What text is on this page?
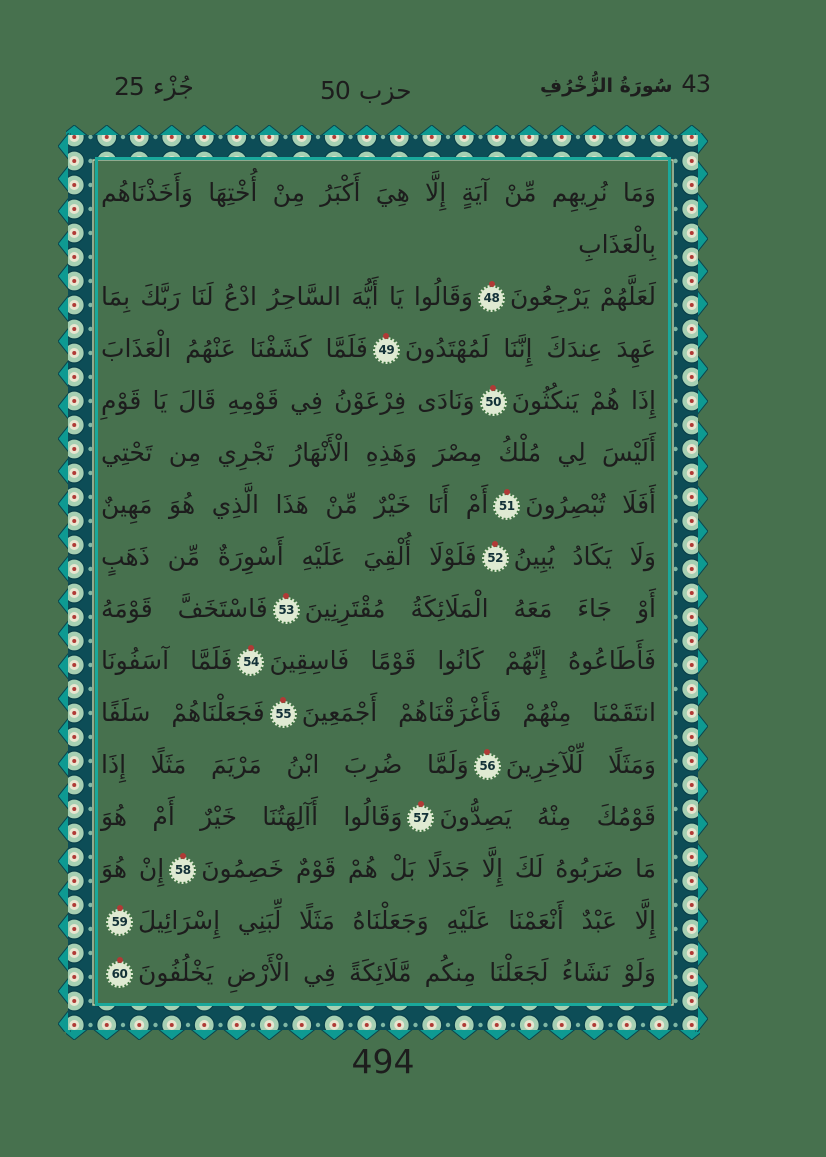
25 جُزْء	50 حزب	سُورَةُ الزُّخْرُفِ 43
وَمَا نُرِيهِم مِّنْ آيَةٍ إِلَّا هِيَ أَكْبَرُ مِنْ أُخْتِهَا وَأَخَذْنَاهُم بِالْعَذَابِ
لَعَلَّهُمْ يَرْجِعُونَ
48
وَقَالُوا يَا أَيُّهَ السَّاحِرُ ادْعُ لَنَا رَبَّكَ بِمَا
عَهِدَ عِندَكَ إِنَّنَا لَمُهْتَدُونَ
49
فَلَمَّا كَشَفْنَا عَنْهُمُ الْعَذَابَ
إِذَا هُمْ يَنكُثُونَ
50
وَنَادَى فِرْعَوْنُ فِي قَوْمِهِ قَالَ يَا قَوْمِ
أَلَيْسَ لِي مُلْكُ مِصْرَ وَهَذِهِ الْأَنْهَارُ تَجْرِي مِن تَحْتِي
أَفَلَا تُبْصِرُونَ
51
أَمْ أَنَا خَيْرٌ مِّنْ هَذَا الَّذِي هُوَ مَهِينٌ
وَلَا يَكَادُ يُبِينُ
52
فَلَوْلَا أُلْقِيَ عَلَيْهِ أَسْوِرَةٌ مِّن ذَهَبٍ
أَوْ جَاءَ مَعَهُ الْمَلَائِكَةُ مُقْتَرِنِينَ
53
فَاسْتَخَفَّ قَوْمَهُ
فَأَطَاعُوهُ إِنَّهُمْ كَانُوا قَوْمًا فَاسِقِينَ
54
فَلَمَّا آسَفُونَا
انتَقَمْنَا مِنْهُمْ فَأَغْرَقْنَاهُمْ أَجْمَعِينَ
55
فَجَعَلْنَاهُمْ سَلَفًا
وَمَثَلًا لِّلْآخِرِينَ
56
وَلَمَّا ضُرِبَ ابْنُ مَرْيَمَ مَثَلًا إِذَا
قَوْمُكَ مِنْهُ يَصِدُّونَ
57
وَقَالُوا أَآلِهَتُنَا خَيْرٌ أَمْ هُوَ
مَا ضَرَبُوهُ لَكَ إِلَّا جَدَلًا بَلْ هُمْ قَوْمٌ خَصِمُونَ
58
إِنْ هُوَ
إِلَّا عَبْدٌ أَنْعَمْنَا عَلَيْهِ وَجَعَلْنَاهُ مَثَلًا لِّبَنِي إِسْرَائِيلَ
59
وَلَوْ نَشَاءُ لَجَعَلْنَا مِنكُم مَّلَائِكَةً فِي الْأَرْضِ يَخْلُفُونَ
60
494
